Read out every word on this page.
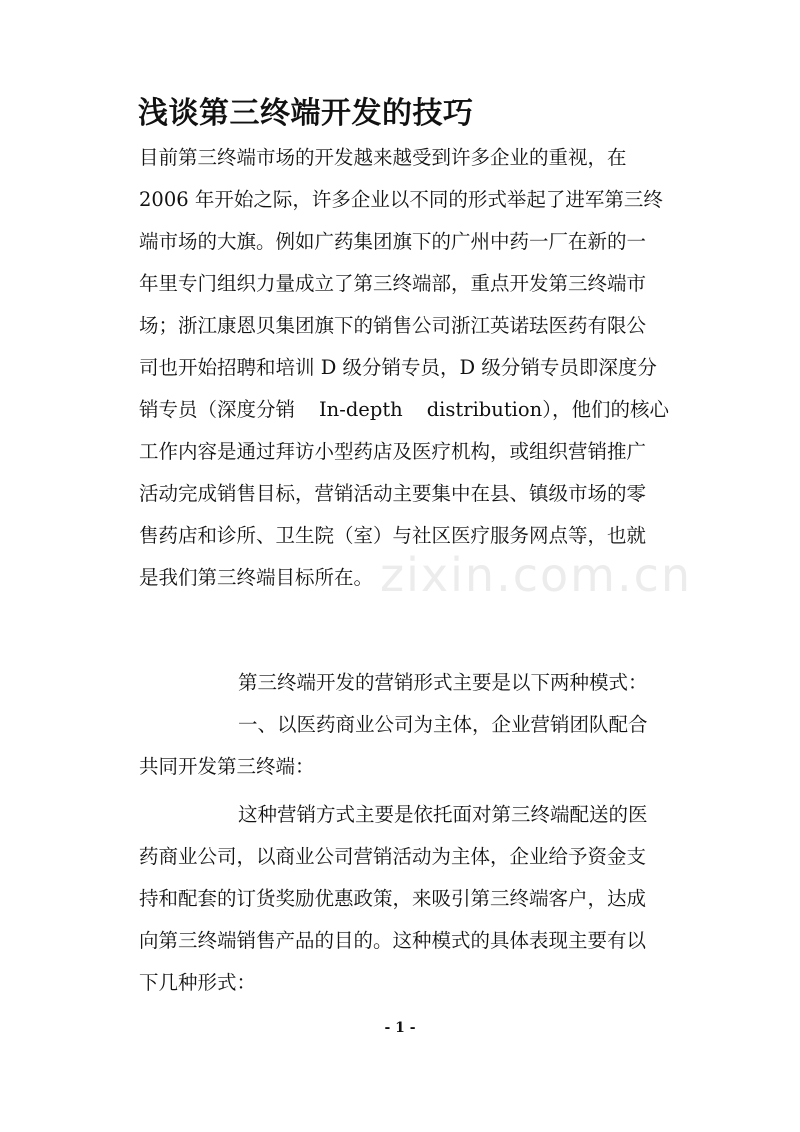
浅谈第三终端开发的技巧
目前第三终端市场的开发越来越受到许多企业的重视，在
2006 年开始之际，许多企业以不同的形式举起了进军第三终
端市场的大旗。例如广药集团旗下的广州中药一厂在新的一
年里专门组织力量成立了第三终端部，重点开发第三终端市
场；浙江康恩贝集团旗下的销售公司浙江英诺珐医药有限公
司也开始招聘和培训 D 级分销专员，D 级分销专员即深度分
销专员（深度分销 In-depth distribution），他们的核心
工作内容是通过拜访小型药店及医疗机构，或组织营销推广
活动完成销售目标，营销活动主要集中在县、镇级市场的零
售药店和诊所、卫生院（室）与社区医疗服务网点等，也就
是我们第三终端目标所在。
第三终端开发的营销形式主要是以下两种模式：
一、以医药商业公司为主体，企业营销团队配合
共同开发第三终端：
这种营销方式主要是依托面对第三终端配送的医
药商业公司，以商业公司营销活动为主体，企业给予资金支
持和配套的订货奖励优惠政策，来吸引第三终端客户，达成
向第三终端销售产品的目的。这种模式的具体表现主要有以
下几种形式：
zixin.com.cn
- 1 -
